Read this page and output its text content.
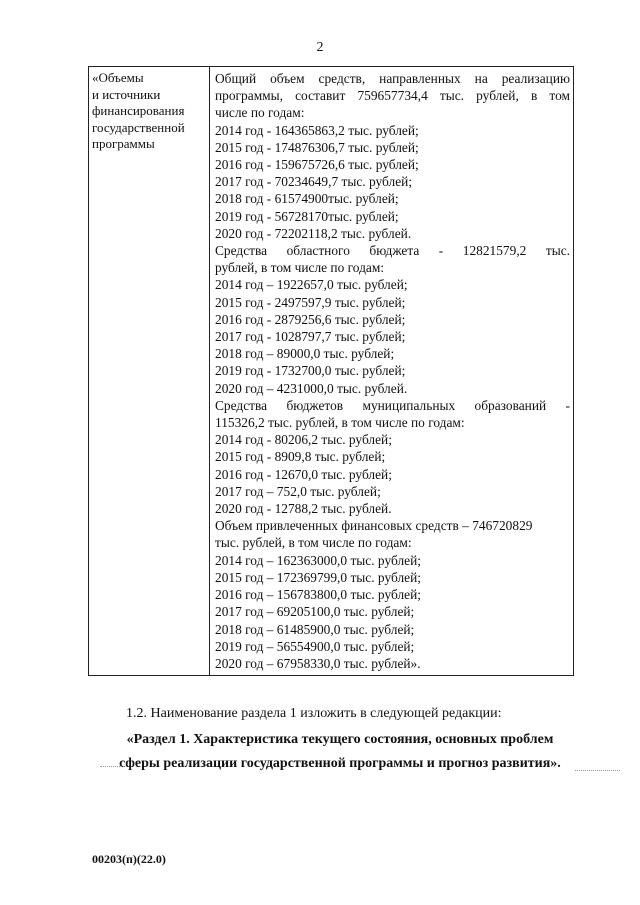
2
«Объемы
и источники
финансирования
государственной
программы
Общий объем средств, направленных на реализацию
программы, составит 759657734,4 тыс. рублей, в том
числе по годам:
2014 год - 164365863,2 тыс. рублей;
2015 год - 174876306,7 тыс. рублей;
2016 год - 159675726,6 тыс. рублей;
2017 год - 70234649,7 тыс. рублей;
2018 год - 61574900тыс. рублей;
2019 год - 56728170тыс. рублей;
2020 год - 72202118,2 тыс. рублей.
Средства областного бюджета - 12821579,2 тыс.
рублей, в том числе по годам:
2014 год – 1922657,0 тыс. рублей;
2015 год - 2497597,9 тыс. рублей;
2016 год - 2879256,6 тыс. рублей;
2017 год - 1028797,7 тыс. рублей;
2018 год – 89000,0 тыс. рублей;
2019 год - 1732700,0 тыс. рублей;
2020 год – 4231000,0 тыс. рублей.
Средства бюджетов муниципальных образований -
115326,2 тыс. рублей, в том числе по годам:
2014 год - 80206,2 тыс. рублей;
2015 год - 8909,8 тыс. рублей;
2016 год - 12670,0 тыс. рублей;
2017 год – 752,0 тыс. рублей;
2020 год - 12788,2 тыс. рублей.
Объем привлеченных финансовых средств – 746720829
тыс. рублей, в том числе по годам:
2014 год – 162363000,0 тыс. рублей;
2015 год – 172369799,0 тыс. рублей;
2016 год – 156783800,0 тыс. рублей;
2017 год – 69205100,0 тыс. рублей;
2018 год – 61485900,0 тыс. рублей;
2019 год – 56554900,0 тыс. рублей;
2020 год – 67958330,0 тыс. рублей».
1.2. Наименование раздела 1 изложить в следующей редакции:
«Раздел 1. Характеристика текущего состояния, основных проблем
сферы реализации государственной программы и прогноз развития».
00203(п)(22.0)
